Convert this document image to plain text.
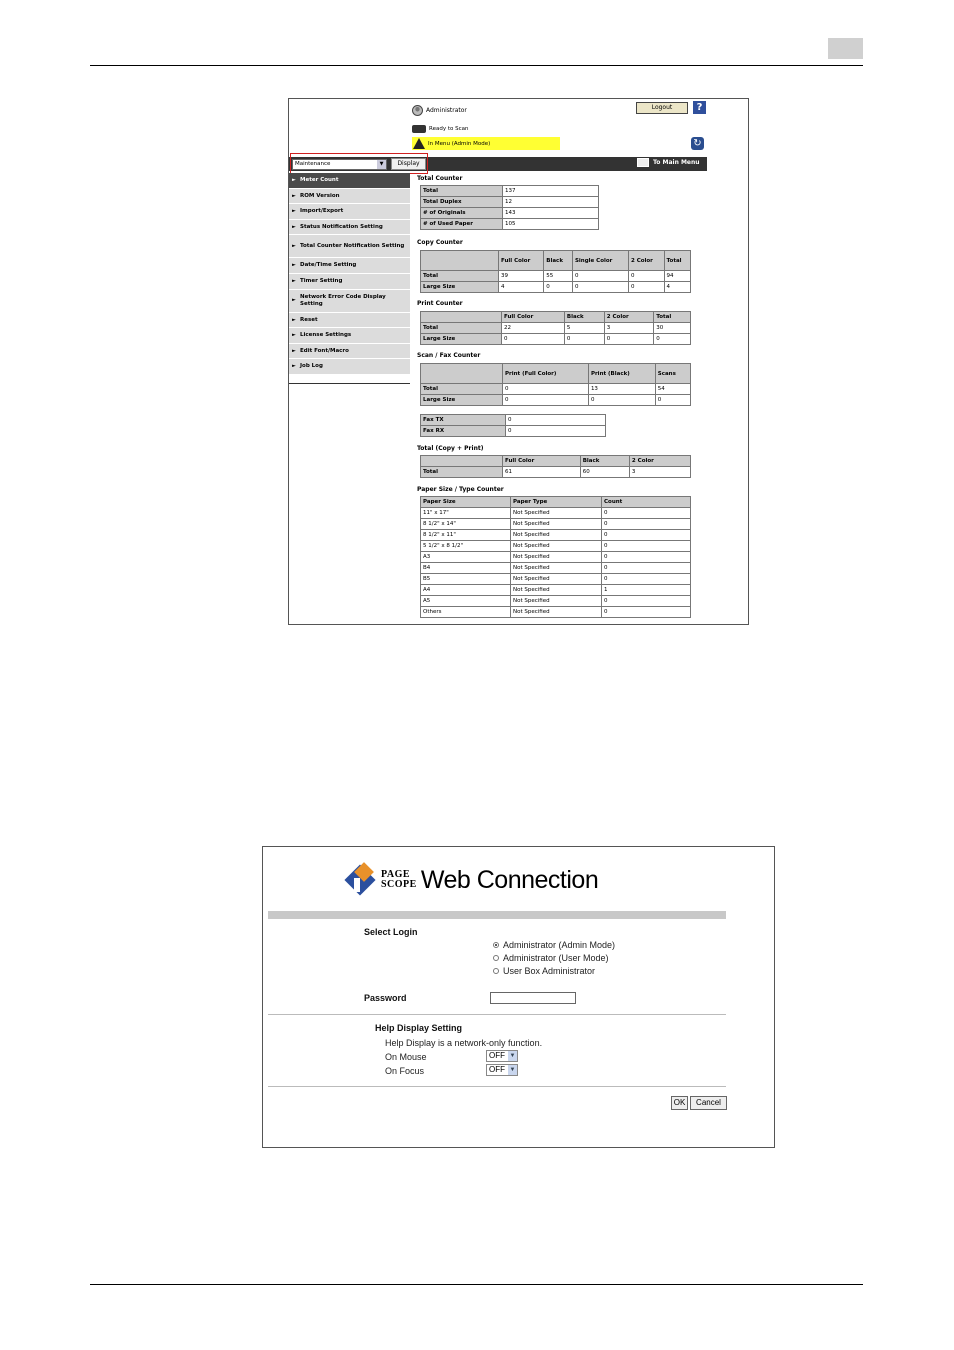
Administrator	Logout	?
Ready to Scan
In Menu (Admin Mode)	↻
Maintenance	▼	Display	To Main Menu
► Meter Count
► ROM Version
► Import/Export
► Status Notification Setting
► Total Counter Notification Setting
► Date/Time Setting
► Timer Setting
► Network Error Code Display Setting
► Reset
► License Settings
► Edit Font/Macro
► Job Log
Total Counter
Total	137
Total Duplex	12
# of Originals	143
# of Used Paper	105
Copy Counter
	Full Color	Black	Single Color	2 Color	Total
Total	39	55	0	0	94
Large Size	4	0	0	0	4
Print Counter
	Full Color	Black	2 Color	Total
Total	22	5	3	30
Large Size	0	0	0	0
Scan / Fax Counter
	Print (Full Color)	Print (Black)	Scans
Total	0	13	54
Large Size	0	0	0
Fax TX	0
Fax RX	0
Total (Copy + Print)
	Full Color	Black	2 Color
Total	61	60	3
Paper Size / Type Counter
Paper Size	Paper Type	Count
11" x 17"	Not Specified	0
8 1/2" x 14"	Not Specified	0
8 1/2" x 11"	Not Specified	0
5 1/2" x 8 1/2"	Not Specified	0
A3	Not Specified	0
B4	Not Specified	0
B5	Not Specified	0
A4	Not Specified	1
A5	Not Specified	0
Others	Not Specified	0
PAGE
SCOPE Web Connection
Select Login
Administrator (Admin Mode)
Administrator (User Mode)
User Box Administrator
Password
Help Display Setting
Help Display is a network-only function.
On Mouse	OFF ▼
On Focus	OFF ▼
OK	Cancel
